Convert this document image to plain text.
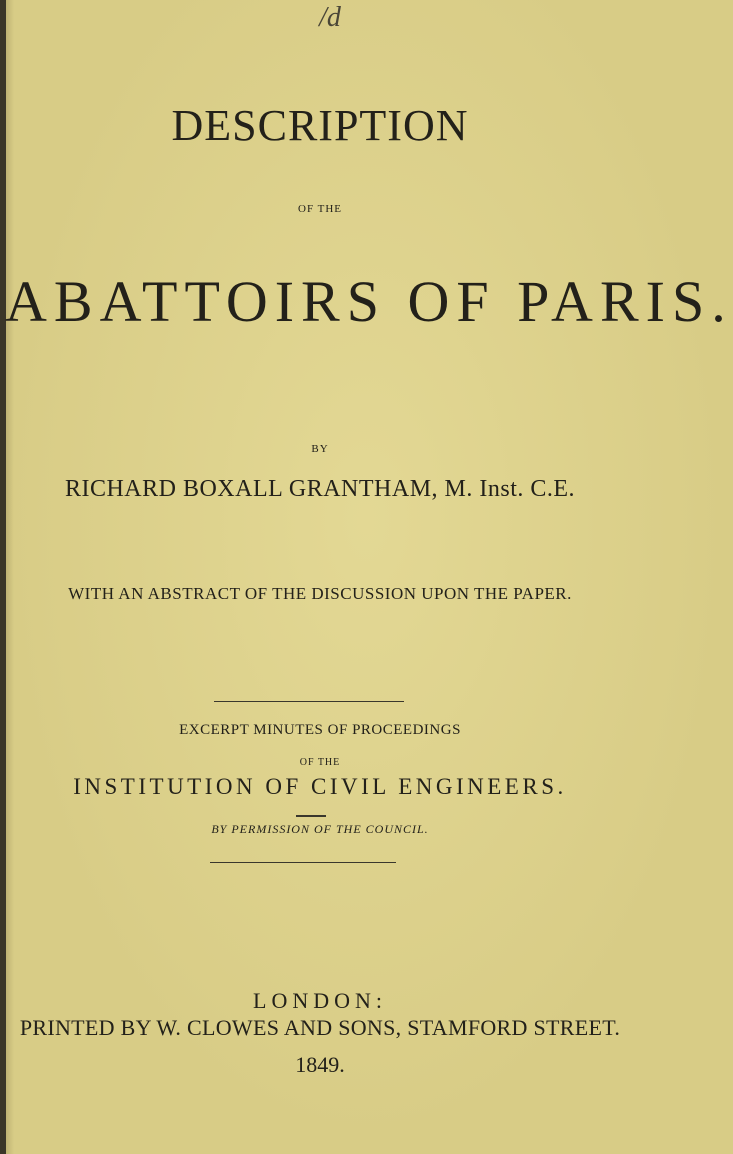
/d
DESCRIPTION
OF THE
ABATTOIRS OF PARIS.
BY
RICHARD BOXALL GRANTHAM, M. Inst. C.E.
WITH AN ABSTRACT OF THE DISCUSSION UPON THE PAPER.
EXCERPT MINUTES OF PROCEEDINGS
OF THE
INSTITUTION OF CIVIL ENGINEERS.
BY PERMISSION OF THE COUNCIL.
LONDON:
PRINTED BY W. CLOWES AND SONS, STAMFORD STREET.
1849.
